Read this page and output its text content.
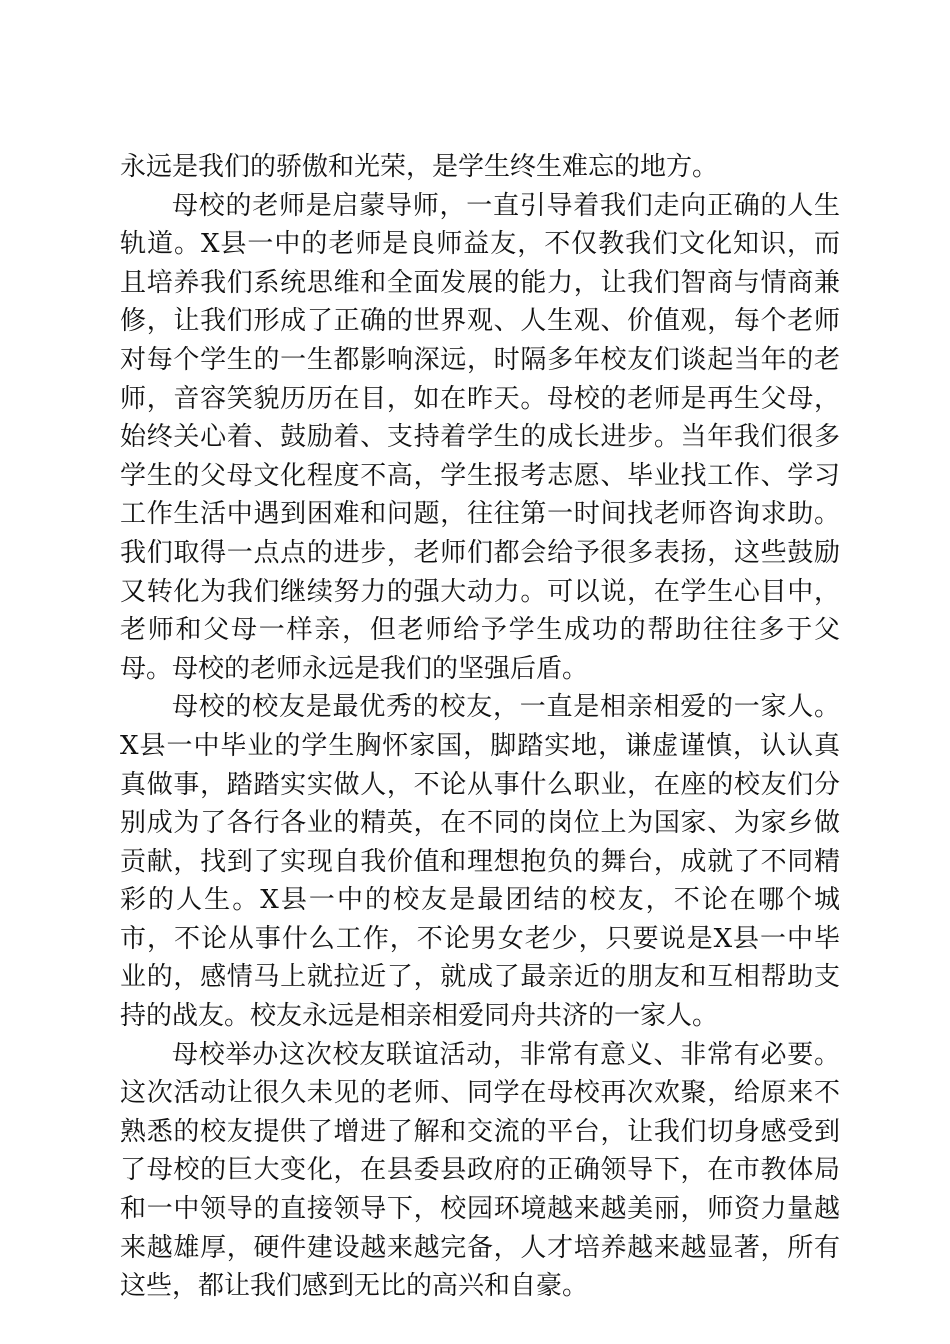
永远是我们的骄傲和光荣，是学生终生难忘的地方。

母校的老师是启蒙导师，一直引导着我们走向正确的人生轨道。X县一中的老师是良师益友，不仅教我们文化知识，而且培养我们系统思维和全面发展的能力，让我们智商与情商兼修，让我们形成了正确的世界观、人生观、价值观，每个老师对每个学生的一生都影响深远，时隔多年校友们谈起当年的老师，音容笑貌历历在目，如在昨天。母校的老师是再生父母，始终关心着、鼓励着、支持着学生的成长进步。当年我们很多学生的父母文化程度不高，学生报考志愿、毕业找工作、学习工作生活中遇到困难和问题，往往第一时间找老师咨询求助。我们取得一点点的进步，老师们都会给予很多表扬，这些鼓励又转化为我们继续努力的强大动力。可以说，在学生心目中，老师和父母一样亲，但老师给予学生成功的帮助往往多于父母。母校的老师永远是我们的坚强后盾。

母校的校友是最优秀的校友，一直是相亲相爱的一家人。X县一中毕业的学生胸怀家国，脚踏实地，谦虚谨慎，认认真真做事，踏踏实实做人，不论从事什么职业，在座的校友们分别成为了各行各业的精英，在不同的岗位上为国家、为家乡做贡献，找到了实现自我价值和理想抱负的舞台，成就了不同精彩的人生。X县一中的校友是最团结的校友，不论在哪个城市，不论从事什么工作，不论男女老少，只要说是X县一中毕业的，感情马上就拉近了，就成了最亲近的朋友和互相帮助支持的战友。校友永远是相亲相爱同舟共济的一家人。

母校举办这次校友联谊活动，非常有意义、非常有必要。这次活动让很久未见的老师、同学在母校再次欢聚，给原来不熟悉的校友提供了增进了解和交流的平台，让我们切身感受到了母校的巨大变化，在县委县政府的正确领导下，在市教体局和一中领导的直接领导下，校园环境越来越美丽，师资力量越来越雄厚，硬件建设越来越完备，人才培养越来越显著，所有这些，都让我们感到无比的高兴和自豪。
